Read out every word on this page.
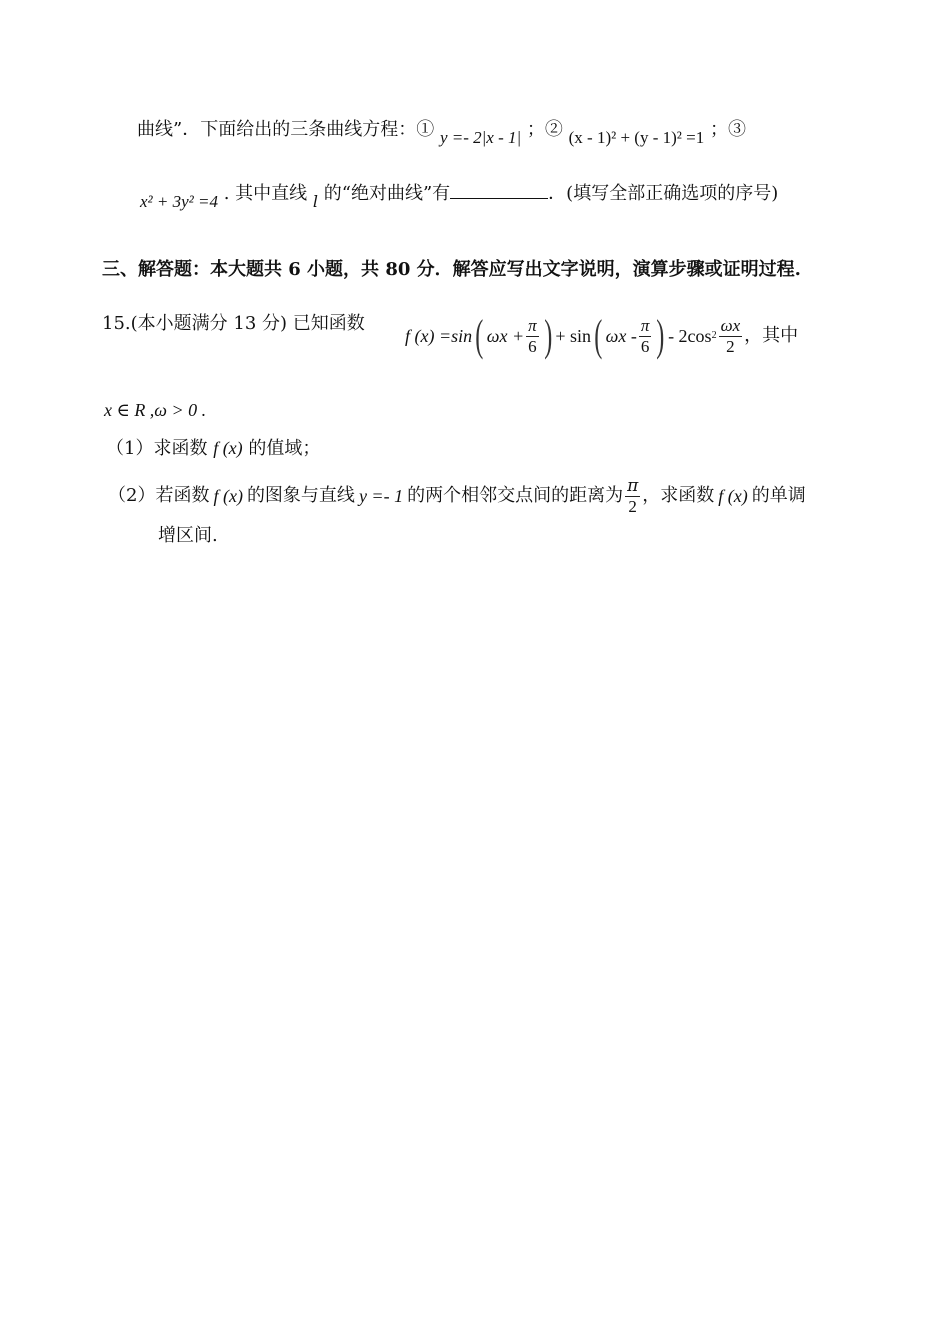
曲线”．下面给出的三条曲线方程：① y =- 2|x - 1| ；② (x - 1)² + (y - 1)² =1 ；③
x² + 3y² =4 . 其中直线 l 的“绝对曲线”有	．(填写全部正确选项的序号)
三、解答题：本大题共 6 小题，共 80 分．解答应写出文字说明，演算步骤或证明过程.
15.(本小题满分 13 分) 已知函数
f (x) =sin ( $\omega x + \frac{\pi}{6}$ ) + sin ( ωx - $\frac{\pi}{6}$ ) - 2cos $2 \frac{\omega x}{2}$ ，其中
x ∈ R ,ω > 0 .
（1）求函数 f (x) 的值域；
（2）若函数 f (x) 的图象与直线 y =- 1 的两个相邻交点间的距离为 $\frac{\pi}{2}$ ，求函数 f (x) 的单调
增区间.
